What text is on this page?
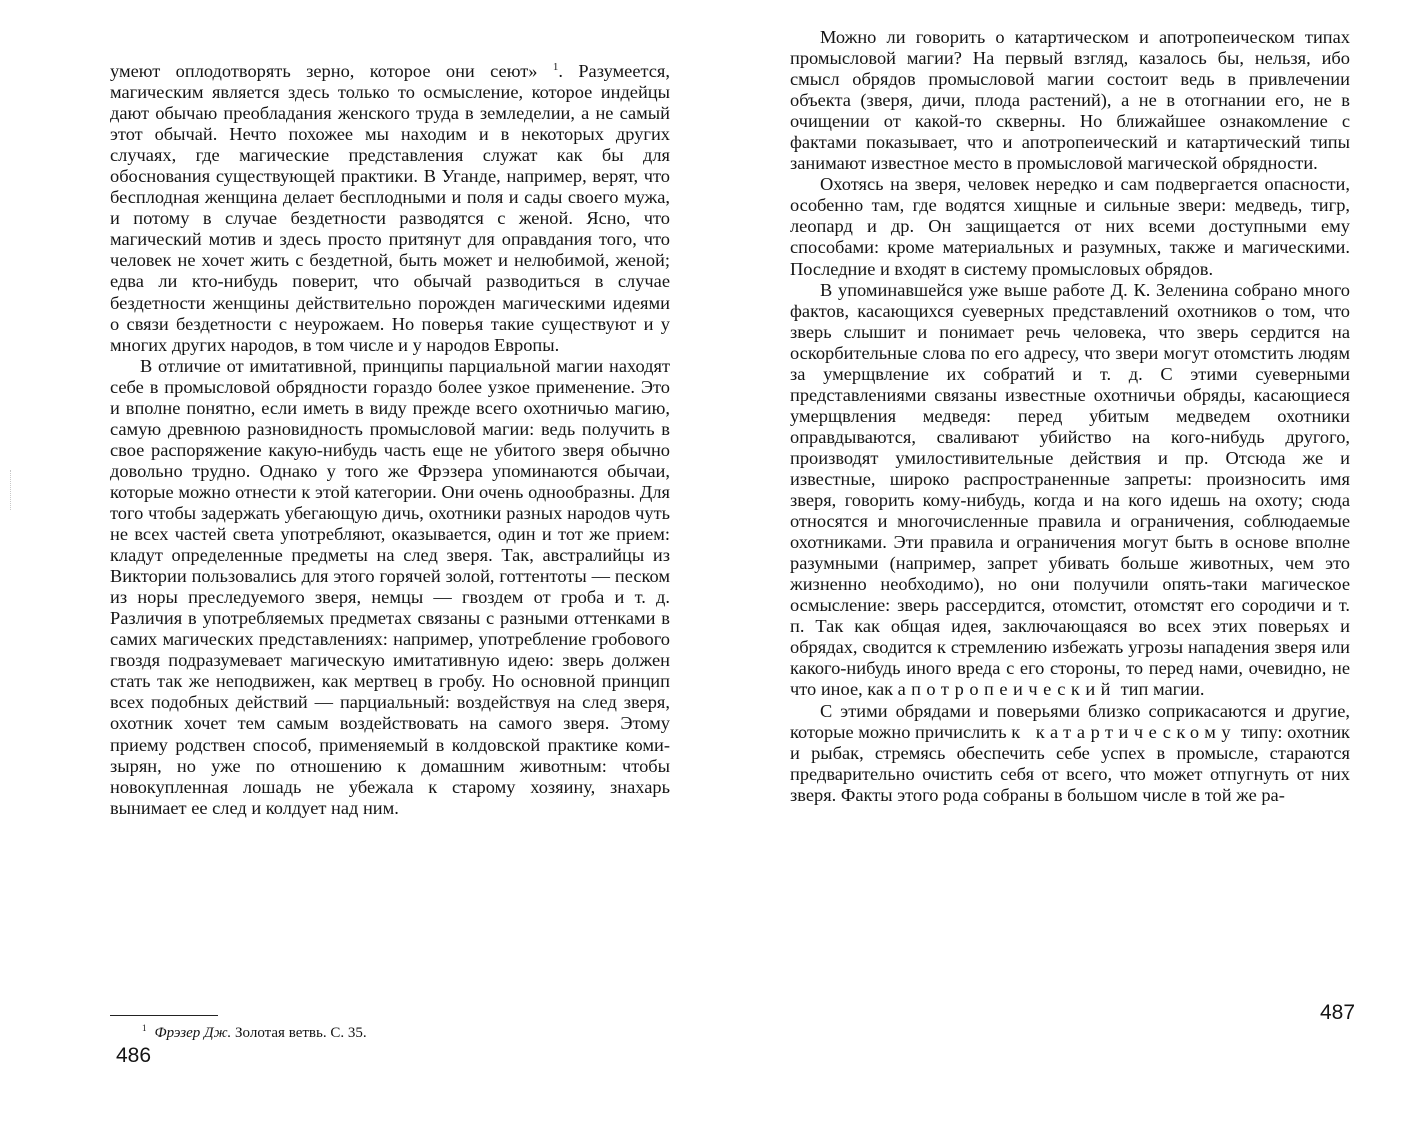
умеют оплодотворять зерно, которое они сеют» $^1$. Разумеется, магическим является здесь только то осмысление, которое индейцы дают обычаю преобладания женского труда в земледелии, а не самый этот обычай. Нечто похожее мы находим и в некоторых других случаях, где магические представления служат как бы для обоснования существующей практики. В Уганде, например, верят, что бесплодная женщина делает бесплодными и поля и сады своего мужа, и потому в случае бездетности разводятся с женой. Ясно, что магический мотив и здесь просто притянут для оправдания того, что человек не хочет жить с бездетной, быть может и нелюбимой, женой; едва ли кто-нибудь поверит, что обычай разводиться в случае бездетности женщины действительно порожден магическими идеями о связи бездетности с неурожаем. Но поверья такие существуют и у многих других народов, в том числе и у народов Европы.

В отличие от имитативной, принципы парциальной магии находят себе в промысловой обрядности гораздо более узкое применение. Это и вполне понятно, если иметь в виду прежде всего охотничью магию, самую древнюю разновидность промысловой магии: ведь получить в свое распоряжение какую-нибудь часть еще не убитого зверя обычно довольно трудно. Однако у того же Фрэзера упоминаются обычаи, которые можно отнести к этой категории. Они очень однообразны. Для того чтобы задержать убегающую дичь, охотники разных народов чуть не всех частей света употребляют, оказывается, один и тот же прием: кладут определенные предметы на след зверя. Так, австралийцы из Виктории пользовались для этого горячей золой, готтентоты — песком из норы преследуемого зверя, немцы — гвоздем от гроба и т. д. Различия в употребляемых предметах связаны с разными оттенками в самих магических представлениях: например, употребление гробового гвоздя подразумевает магическую имитативную идею: зверь должен стать так же неподвижен, как мертвец в гробу. Но основной принцип всех подобных действий — парциальный: воздействуя на след зверя, охотник хочет тем самым воздействовать на самого зверя. Этому приему родствен способ, применяемый в колдовской практике коми-зырян, но уже по отношению к домашним животным: чтобы новокупленная лошадь не убежала к старому хозяину, знахарь вынимает ее след и колдует над ним.

$^1$ Фрэзер Дж. Золотая ветвь. С. 35.
486

Можно ли говорить о катартическом и апотропеическом типах промысловой магии? На первый взгляд, казалось бы, нельзя, ибо смысл обрядов промысловой магии состоит ведь в привлечении объекта (зверя, дичи, плода растений), а не в отогнании его, не в очищении от какой-то скверны. Но ближайшее ознакомление с фактами показывает, что и апотропеический и катартический типы занимают известное место в промысловой магической обрядности.

Охотясь на зверя, человек нередко и сам подвергается опасности, особенно там, где водятся хищные и сильные звери: медведь, тигр, леопард и др. Он защищается от них всеми доступными ему способами: кроме материальных и разумных, также и магическими. Последние и входят в систему промысловых обрядов.

В упоминавшейся уже выше работе Д. К. Зеленина собрано много фактов, касающихся суеверных представлений охотников о том, что зверь слышит и понимает речь человека, что зверь сердится на оскорбительные слова по его адресу, что звери могут отомстить людям за умерщвление их собратий и т. д. С этими суеверными представлениями связаны известные охотничьи обряды, касающиеся умерщвления медведя: перед убитым медведем охотники оправдываются, сваливают убийство на кого-нибудь другого, производят умилостивительные действия и пр. Отсюда же и известные, широко распространенные запреты: произносить имя зверя, говорить кому-нибудь, когда и на кого идешь на охоту; сюда относятся и многочисленные правила и ограничения, соблюдаемые охотниками. Эти правила и ограничения могут быть в основе вполне разумными (например, запрет убивать больше животных, чем это жизненно необходимо), но они получили опять-таки магическое осмысление: зверь рассердится, отомстит, отомстят его сородичи и т. п. Так как общая идея, заключающаяся во всех этих поверьях и обрядах, сводится к стремлению избежать угрозы нападения зверя или какого-нибудь иного вреда с его стороны, то перед нами, очевидно, не что иное, как апотропеический тип магии.

С этими обрядами и поверьями близко соприкасаются и другие, которые можно причислить к катартическому типу: охотник и рыбак, стремясь обеспечить себе успех в промысле, стараются предварительно очистить себя от всего, что может отпугнуть от них зверя. Факты этого рода собраны в большом числе в той же ра-

487
